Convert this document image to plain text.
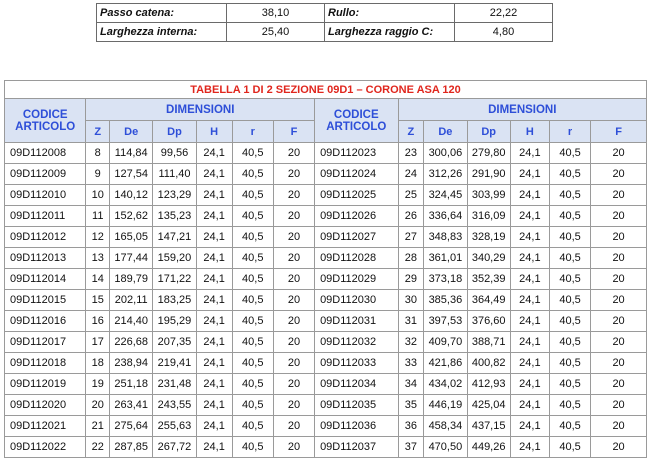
Passo catena:	38,10	Rullo:	22,22
Larghezza interna:	25,40	Larghezza raggio C:	4,80
TABELLA 1 DI 2 SEZIONE 09D1 – CORONE ASA 120													
CODICE ARTICOLO	DIMENSIONI						CODICE ARTICOLO	DIMENSIONI					
	Z	De	Dp	H	r	F		Z	De	Dp	H	r	F
09D112008	8	114,84	99,56	24,1	40,5	20	09D112023	23	300,06	279,80	24,1	40,5	20
09D112009	9	127,54	111,40	24,1	40,5	20	09D112024	24	312,26	291,90	24,1	40,5	20
09D112010	10	140,12	123,29	24,1	40,5	20	09D112025	25	324,45	303,99	24,1	40,5	20
09D112011	11	152,62	135,23	24,1	40,5	20	09D112026	26	336,64	316,09	24,1	40,5	20
09D112012	12	165,05	147,21	24,1	40,5	20	09D112027	27	348,83	328,19	24,1	40,5	20
09D112013	13	177,44	159,20	24,1	40,5	20	09D112028	28	361,01	340,29	24,1	40,5	20
09D112014	14	189,79	171,22	24,1	40,5	20	09D112029	29	373,18	352,39	24,1	40,5	20
09D112015	15	202,11	183,25	24,1	40,5	20	09D112030	30	385,36	364,49	24,1	40,5	20
09D112016	16	214,40	195,29	24,1	40,5	20	09D112031	31	397,53	376,60	24,1	40,5	20
09D112017	17	226,68	207,35	24,1	40,5	20	09D112032	32	409,70	388,71	24,1	40,5	20
09D112018	18	238,94	219,41	24,1	40,5	20	09D112033	33	421,86	400,82	24,1	40,5	20
09D112019	19	251,18	231,48	24,1	40,5	20	09D112034	34	434,02	412,93	24,1	40,5	20
09D112020	20	263,41	243,55	24,1	40,5	20	09D112035	35	446,19	425,04	24,1	40,5	20
09D112021	21	275,64	255,63	24,1	40,5	20	09D112036	36	458,34	437,15	24,1	40,5	20
09D112022	22	287,85	267,72	24,1	40,5	20	09D112037	37	470,50	449,26	24,1	40,5	20
